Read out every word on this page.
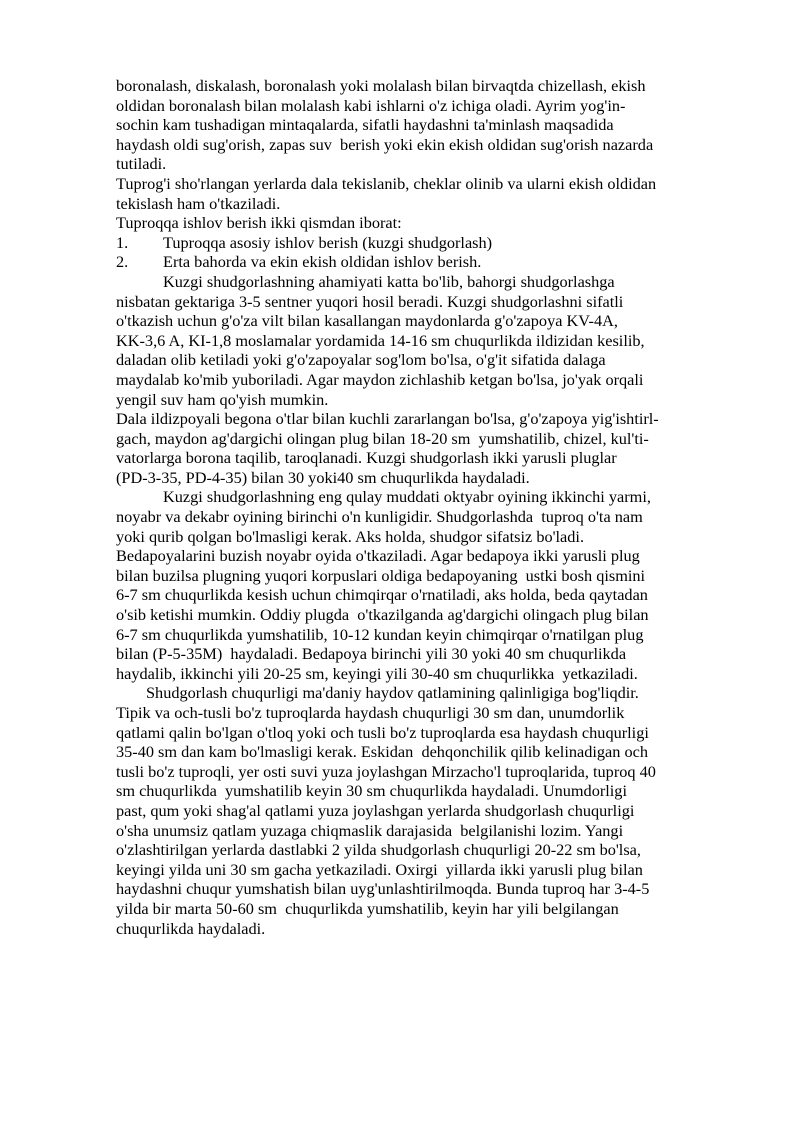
boronalash, diskalash, boronalash yoki molalash bilan birvaqtda chizellash, ekish
oldidan boronalash bilan molalash kabi ishlarni o'z ichiga oladi. Ayrim yog'in-
sochin kam tushadigan mintaqalarda, sifatli haydashni ta'minlash maqsadida
haydash oldi sug'orish, zapas suv  berish yoki ekin ekish oldidan sug'orish nazarda
tutiladi.
Tuprog'i sho'rlangan yerlarda dala tekislanib, cheklar olinib va ularni ekish oldidan
tekislash ham o'tkaziladi.
Tuproqqa ishlov berish ikki qismdan iborat:
1. Tuproqqa asosiy ishlov berish (kuzgi shudgorlash)
2. Erta bahorda va ekin ekish oldidan ishlov berish.
Kuzgi shudgorlashning ahamiyati katta bo'lib, bahorgi shudgorlashga
nisbatan gektariga 3-5 sentner yuqori hosil beradi. Kuzgi shudgorlashni sifatli
o'tkazish uchun g'o'za vilt bilan kasallangan maydonlarda g'o'zapoya KV-4A,
KK-3,6 A, KI-1,8 moslamalar yordamida 14-16 sm chuqurlikda ildizidan kesilib,
daladan olib ketiladi yoki g'o'zapoyalar sog'lom bo'lsa, o'g'it sifatida dalaga
maydalab ko'mib yuboriladi. Agar maydon zichlashib ketgan bo'lsa, jo'yak orqali
yengil suv ham qo'yish mumkin.
Dala ildizpoyali begona o'tlar bilan kuchli zararlangan bo'lsa, g'o'zapoya yig'ishtirl-
gach, maydon ag'dargichi olingan plug bilan 18-20 sm  yumshatilib, chizel, kul'ti-
vatorlarga borona taqilib, taroqlanadi. Kuzgi shudgorlash ikki yarusli pluglar
(PD-3-35, PD-4-35) bilan 30 yoki40 sm chuqurlikda haydaladi.
Kuzgi shudgorlashning eng qulay muddati oktyabr oyining ikkinchi yarmi,
noyabr va dekabr oyining birinchi o'n kunligidir. Shudgorlashda  tuproq o'ta nam
yoki qurib qolgan bo'lmasligi kerak. Aks holda, shudgor sifatsiz bo'ladi.
Bedapoyalarini buzish noyabr oyida o'tkaziladi. Agar bedapoya ikki yarusli plug
bilan buzilsa plugning yuqori korpuslari oldiga bedapoyaning  ustki bosh qismini
6-7 sm chuqurlikda kesish uchun chimqirqar o'rnatiladi, aks holda, beda qaytadan
o'sib ketishi mumkin. Oddiy plugda  o'tkazilganda ag'dargichi olingach plug bilan
6-7 sm chuqurlikda yumshatilib, 10-12 kundan keyin chimqirqar o'rnatilgan plug
bilan (P-5-35M)  haydaladi. Bedapoya birinchi yili 30 yoki 40 sm chuqurlikda
haydalib, ikkinchi yili 20-25 sm, keyingi yili 30-40 sm chuqurlikka  yetkaziladi.
Shudgorlash chuqurligi ma'daniy haydov qatlamining qalinligiga bog'liqdir.
Tipik va och-tusli bo'z tuproqlarda haydash chuqurligi 30 sm dan, unumdorlik
qatlami qalin bo'lgan o'tloq yoki och tusli bo'z tuproqlarda esa haydash chuqurligi
35-40 sm dan kam bo'lmasligi kerak. Eskidan  dehqonchilik qilib kelinadigan och
tusli bo'z tuproqli, yer osti suvi yuza joylashgan Mirzacho'l tuproqlarida, tuproq 40
sm chuqurlikda  yumshatilib keyin 30 sm chuqurlikda haydaladi. Unumdorligi
past, qum yoki shag'al qatlami yuza joylashgan yerlarda shudgorlash chuqurligi
o'sha unumsiz qatlam yuzaga chiqmaslik darajasida  belgilanishi lozim. Yangi
o'zlashtirilgan yerlarda dastlabki 2 yilda shudgorlash chuqurligi 20-22 sm bo'lsa,
keyingi yilda uni 30 sm gacha yetkaziladi. Oxirgi  yillarda ikki yarusli plug bilan
haydashni chuqur yumshatish bilan uyg'unlashtirilmoqda. Bunda tuproq har 3-4-5
yilda bir marta 50-60 sm  chuqurlikda yumshatilib, keyin har yili belgilangan
chuqurlikda haydaladi.
